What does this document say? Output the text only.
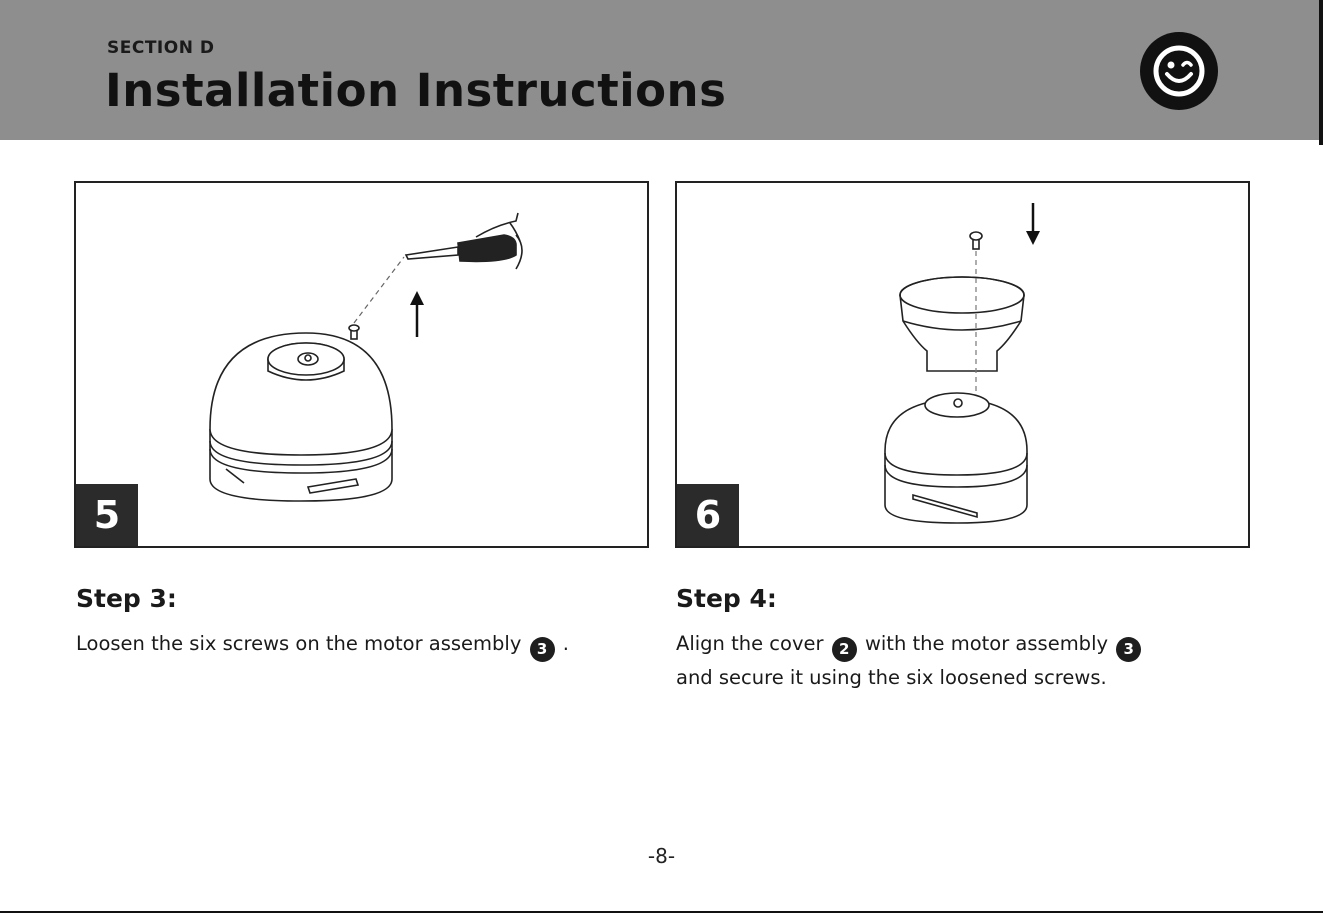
SECTION D
Installation Instructions
5	6
Step 3:

Loosen the six screws on the motor assembly 3 .

Step 4:

Align the cover 2 with the motor assembly 3
and secure it using the six loosened screws.

-8-
